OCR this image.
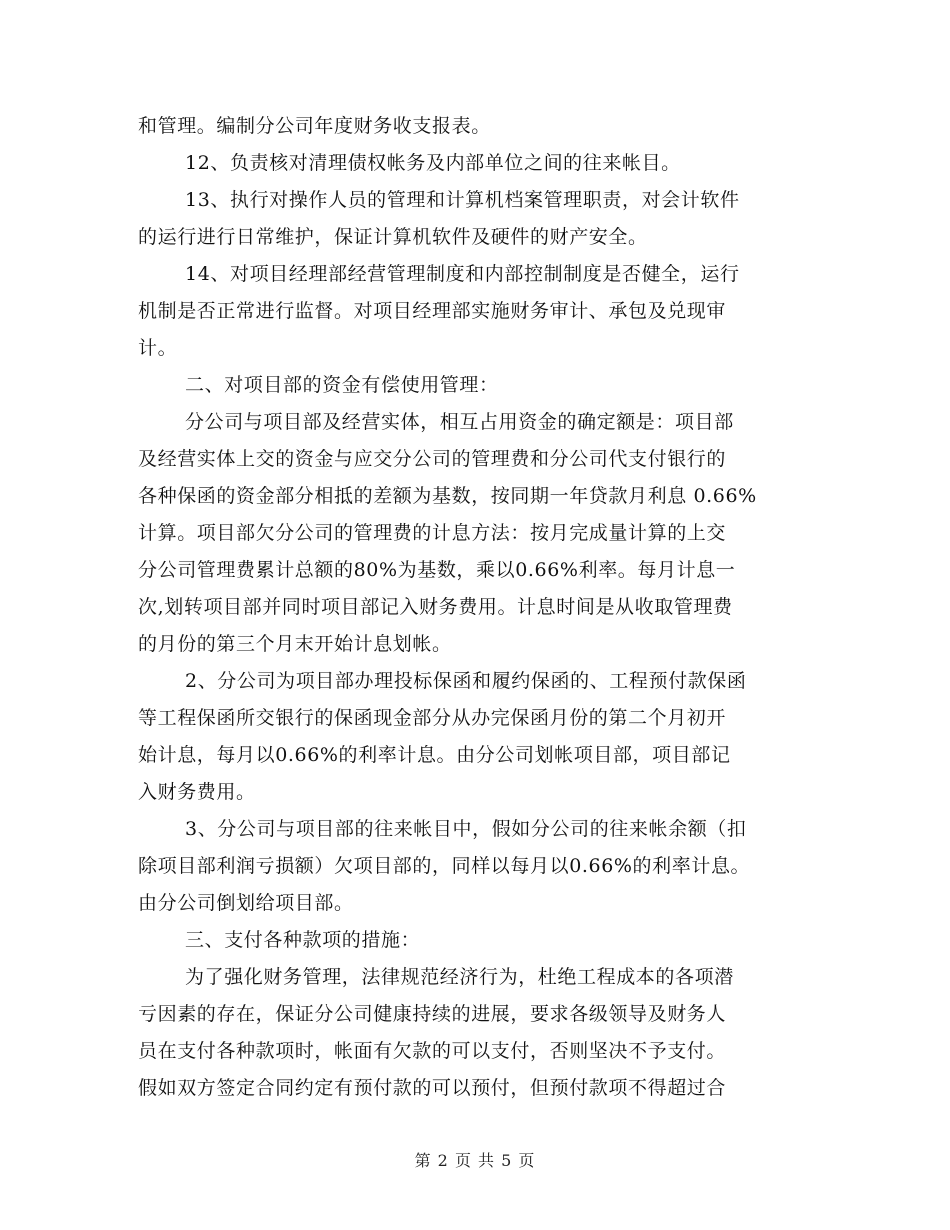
和管理。编制分公司年度财务收支报表。
12、负责核对清理债权帐务及内部单位之间的往来帐目。
13、执行对操作人员的管理和计算机档案管理职责，对会计软件
的运行进行日常维护，保证计算机软件及硬件的财产安全。
14、对项目经理部经营管理制度和内部控制制度是否健全，运行
机制是否正常进行监督。对项目经理部实施财务审计、承包及兑现审
计。
二、对项目部的资金有偿使用管理：
分公司与项目部及经营实体，相互占用资金的确定额是：项目部
及经营实体上交的资金与应交分公司的管理费和分公司代支付银行的
各种保函的资金部分相抵的差额为基数，按同期一年贷款月利息 0.66%
计算。项目部欠分公司的管理费的计息方法：按月完成量计算的上交
分公司管理费累计总额的80%为基数，乘以0.66%利率。每月计息一
次,划转项目部并同时项目部记入财务费用。计息时间是从收取管理费
的月份的第三个月末开始计息划帐。
2、分公司为项目部办理投标保函和履约保函的、工程预付款保函
等工程保函所交银行的保函现金部分从办完保函月份的第二个月初开
始计息，每月以0.66%的利率计息。由分公司划帐项目部，项目部记
入财务费用。
3、分公司与项目部的往来帐目中，假如分公司的往来帐余额（扣
除项目部利润亏损额）欠项目部的，同样以每月以0.66%的利率计息。
由分公司倒划给项目部。
三、支付各种款项的措施：
为了强化财务管理，法律规范经济行为，杜绝工程成本的各项潜
亏因素的存在，保证分公司健康持续的进展，要求各级领导及财务人
员在支付各种款项时，帐面有欠款的可以支付，否则坚决不予支付。
假如双方签定合同约定有预付款的可以预付，但预付款项不得超过合
第 2 页 共 5 页
